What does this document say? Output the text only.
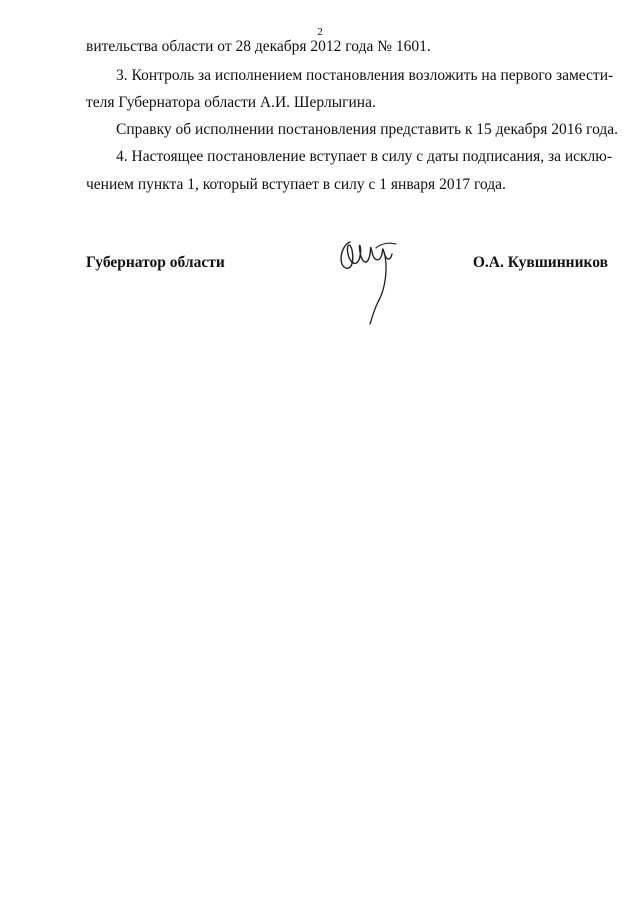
2
вительства области от 28 декабря 2012 года № 1601.
3. Контроль за исполнением постановления возложить на первого замести-
теля Губернатора области А.И. Шерлыгина.
Справку об исполнении постановления представить к 15 декабря 2016 года.
4. Настоящее постановление вступает в силу с даты подписания, за исклю-
чением пункта 1, который вступает в силу с 1 января 2017 года.
Губернатор области	О.А. Кувшинников
